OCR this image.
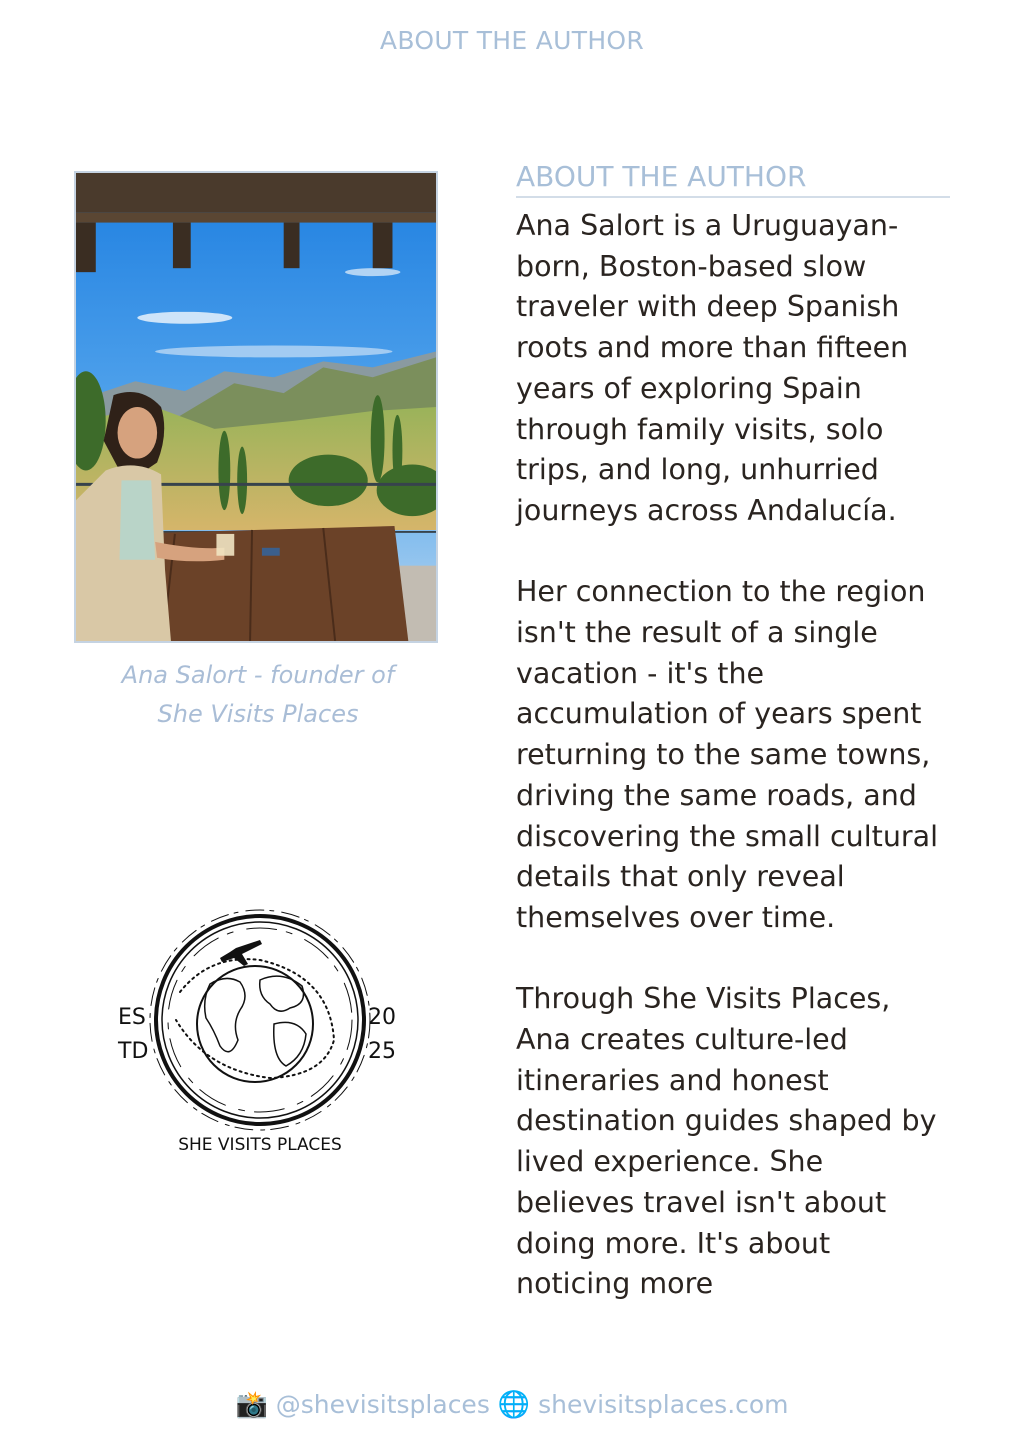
ABOUT THE AUTHOR
Ana Salort - founder of
She Visits Places
ES
TD
20
25
SHE VISITS PLACES
ABOUT THE AUTHOR

Ana Salort is a Uruguayan-born, Boston-based slow traveler with deep Spanish roots and more than fifteen years of exploring Spain through family visits, solo trips, and long, unhurried journeys across Andalucía.

Her connection to the region isn't the result of a single vacation - it's the accumulation of years spent returning to the same towns, driving the same roads, and discovering the small cultural details that only reveal themselves over time.

Through She Visits Places, Ana creates culture-led itineraries and honest destination guides shaped by lived experience. She believes travel isn't about doing more. It's about noticing more

📸 @shevisitsplaces 🌐 shevisitsplaces.com
